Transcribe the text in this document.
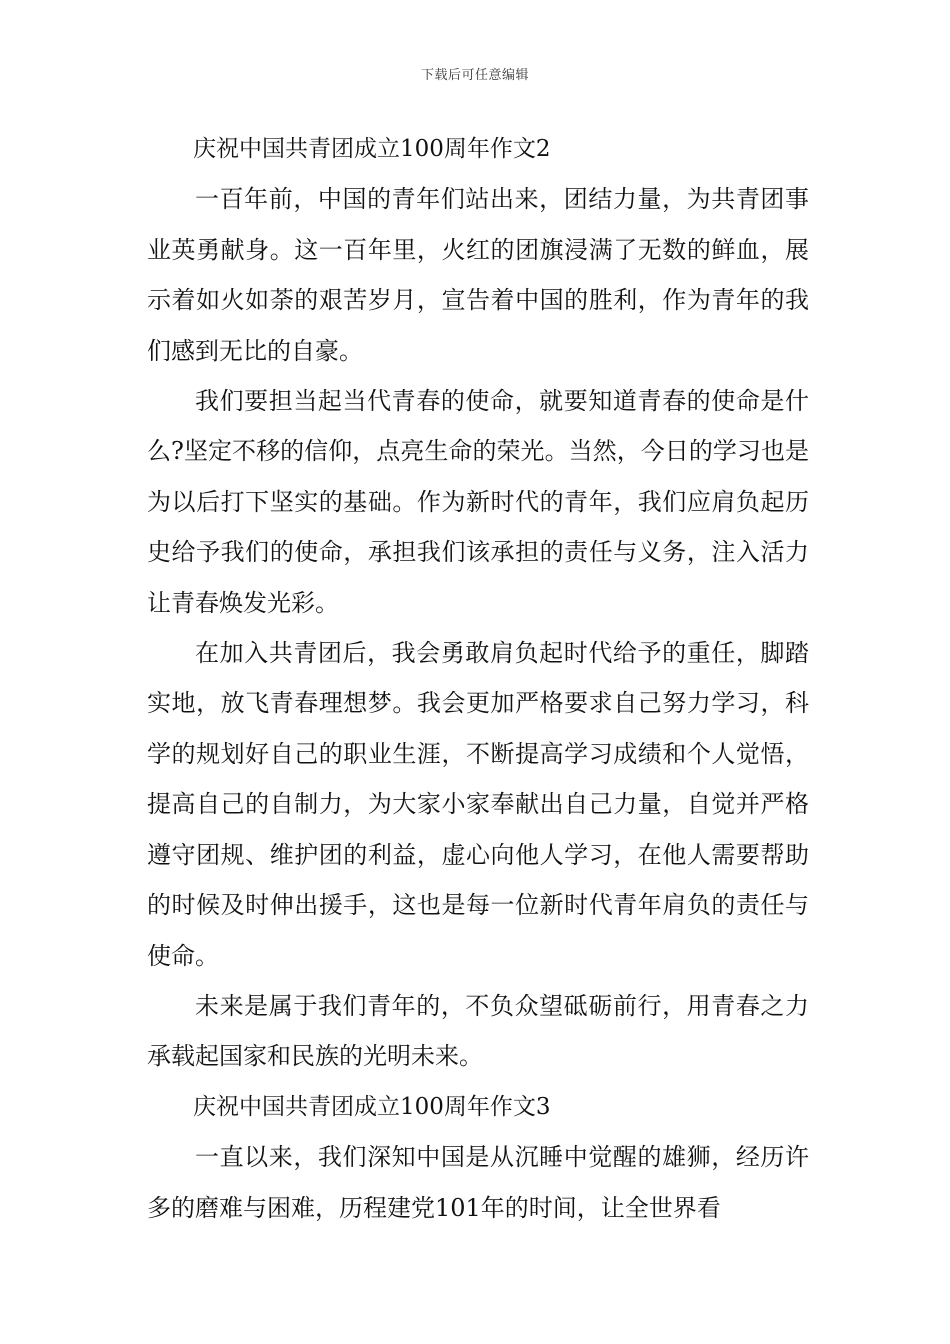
下载后可任意编辑

庆祝中国共青团成立100周年作文2

一百年前，中国的青年们站出来，团结力量，为共青团事业英勇献身。这一百年里，火红的团旗浸满了无数的鲜血，展示着如火如荼的艰苦岁月，宣告着中国的胜利，作为青年的我们感到无比的自豪。

我们要担当起当代青春的使命，就要知道青春的使命是什么?坚定不移的信仰，点亮生命的荣光。当然，今日的学习也是为以后打下坚实的基础。作为新时代的青年，我们应肩负起历史给予我们的使命，承担我们该承担的责任与义务，注入活力让青春焕发光彩。

在加入共青团后，我会勇敢肩负起时代给予的重任，脚踏实地，放飞青春理想梦。我会更加严格要求自己努力学习，科学的规划好自己的职业生涯，不断提高学习成绩和个人觉悟，提高自己的自制力，为大家小家奉献出自己力量，自觉并严格遵守团规、维护团的利益，虚心向他人学习，在他人需要帮助的时候及时伸出援手，这也是每一位新时代青年肩负的责任与使命。

未来是属于我们青年的，不负众望砥砺前行，用青春之力承载起国家和民族的光明未来。

庆祝中国共青团成立100周年作文3

一直以来，我们深知中国是从沉睡中觉醒的雄狮，经历许多的磨难与困难，历程建党101年的时间，让全世界看
